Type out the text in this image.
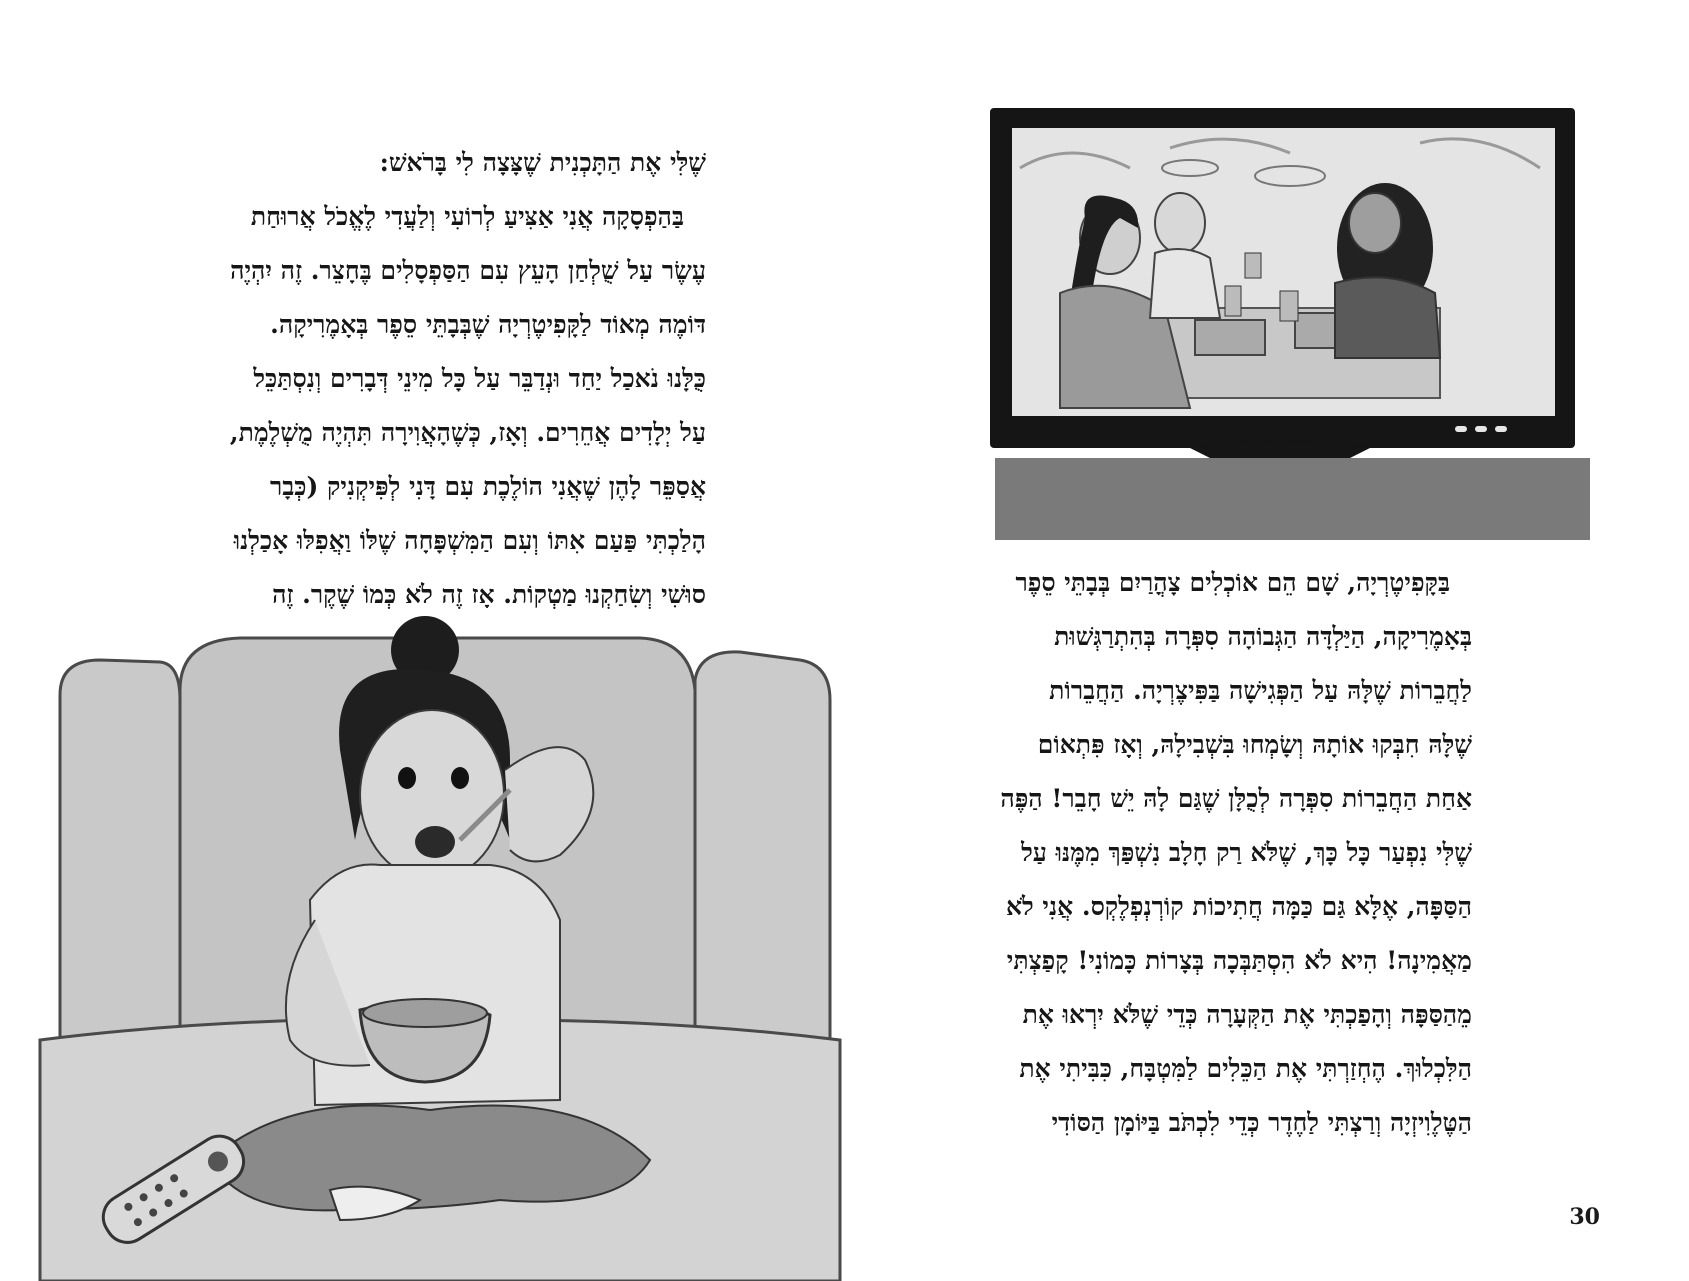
שֶׁלִּי אֶת הַתָּכְנִית שֶׁצָּצָה לִי בָּרֹאשׁ:
בַּהַפְסָקָה אֲנִי אַצִּיעַ לְרוֹעִי וְלַעֲדִי לֶאֱכֹל אֲרוּחַת
עֶשֶׂר עַל שֻׁלְחַן הָעֵץ עִם הַסַּפְסָלִים בֶּחָצֵר. זֶה יִהְיֶה
דּוֹמֶה מְאוֹד לַקָּפִיטֶרְיָה שֶׁבְּבָתֵּי סֵפֶר בְּאָמֶרִיקָה.
כֻּלָּנוּ נֹאכַל יַחַד וּנְדַבֵּר עַל כָּל מִינֵי דְּבָרִים וְנִסְתַּכֵּל
עַל יְלָדִים אֲחֵרִים. וְאָז, כְּשֶׁהָאֲוִירָה תִּהְיֶה מֻשְׁלֶמֶת,
אֲסַפֵּר לָהֶן שֶׁאֲנִי הוֹלֶכֶת עִם דָּנִי לְפִּיקְנִיק (כְּבָר
הָלַכְתִּי פַּעַם אִתּוֹ וְעִם הַמִּשְׁפָּחָה שֶׁלּוֹ וַאֲפִלּוּ אָכַלְנוּ
סוּשִׁי וְשִׂחַקְנוּ מַטְקוֹת. אָז זֶה לֹא כְּמוֹ שֶׁקֶר. זֶה	בַּקָּפִיטֶרְיָה, שָׁם הֵם אוֹכְלִים צָהֳרַיִם בְּבָתֵּי סֵפֶר
בְּאָמֶרִיקָה, הַיַּלְדָּה הַגְּבוֹהָה סִפְּרָה בְּהִתְרַגְּשׁוּת
לַחֲבֵרוֹת שֶׁלָּהּ עַל הַפְּגִישָׁה בַּפִּיצֶרְיָה. הַחֲבֵרוֹת
שֶׁלָּהּ חִבְּקוּ אוֹתָהּ וְשָׂמְחוּ בִּשְׁבִילָהּ, וְאָז פִּתְאוֹם
אַחַת הַחֲבֵרוֹת סִפְּרָה לְכֻלָּן שֶׁגַּם לָהּ יֵשׁ חָבֵר! הַפֶּה
שֶׁלִּי נִפְעַר כָּל כָּךְ, שֶׁלֹּא רַק חָלָב נִשְׁפַּךְ מִמֶּנּוּ עַל
הַסַּפָּה, אֶלָּא גַּם כַּמָּה חֲתִיכוֹת קוֹרְנְפְלֶקְס. אֲנִי לֹא
מַאֲמִינָה! הִיא לֹא הִסְתַּבְּכָה בְּצָרוֹת כָּמוֹנִי! קָפַצְתִּי
מֵהַסַּפָּה וְהָפַכְתִּי אֶת הַקְּעָרָה כְּדֵי שֶׁלֹּא יִרְאוּ אֶת
הַלִּכְלוּךְ. הֶחְזַרְתִּי אֶת הַכֵּלִים לַמִּטְבָּח, כִּבִּיתִי אֶת
הַטֶּלֶוִיזְיָה וְרַצְתִּי לַחֶדֶר כְּדֵי לִכְתֹּב בַּיּוֹמָן הַסּוֹדִי
30
